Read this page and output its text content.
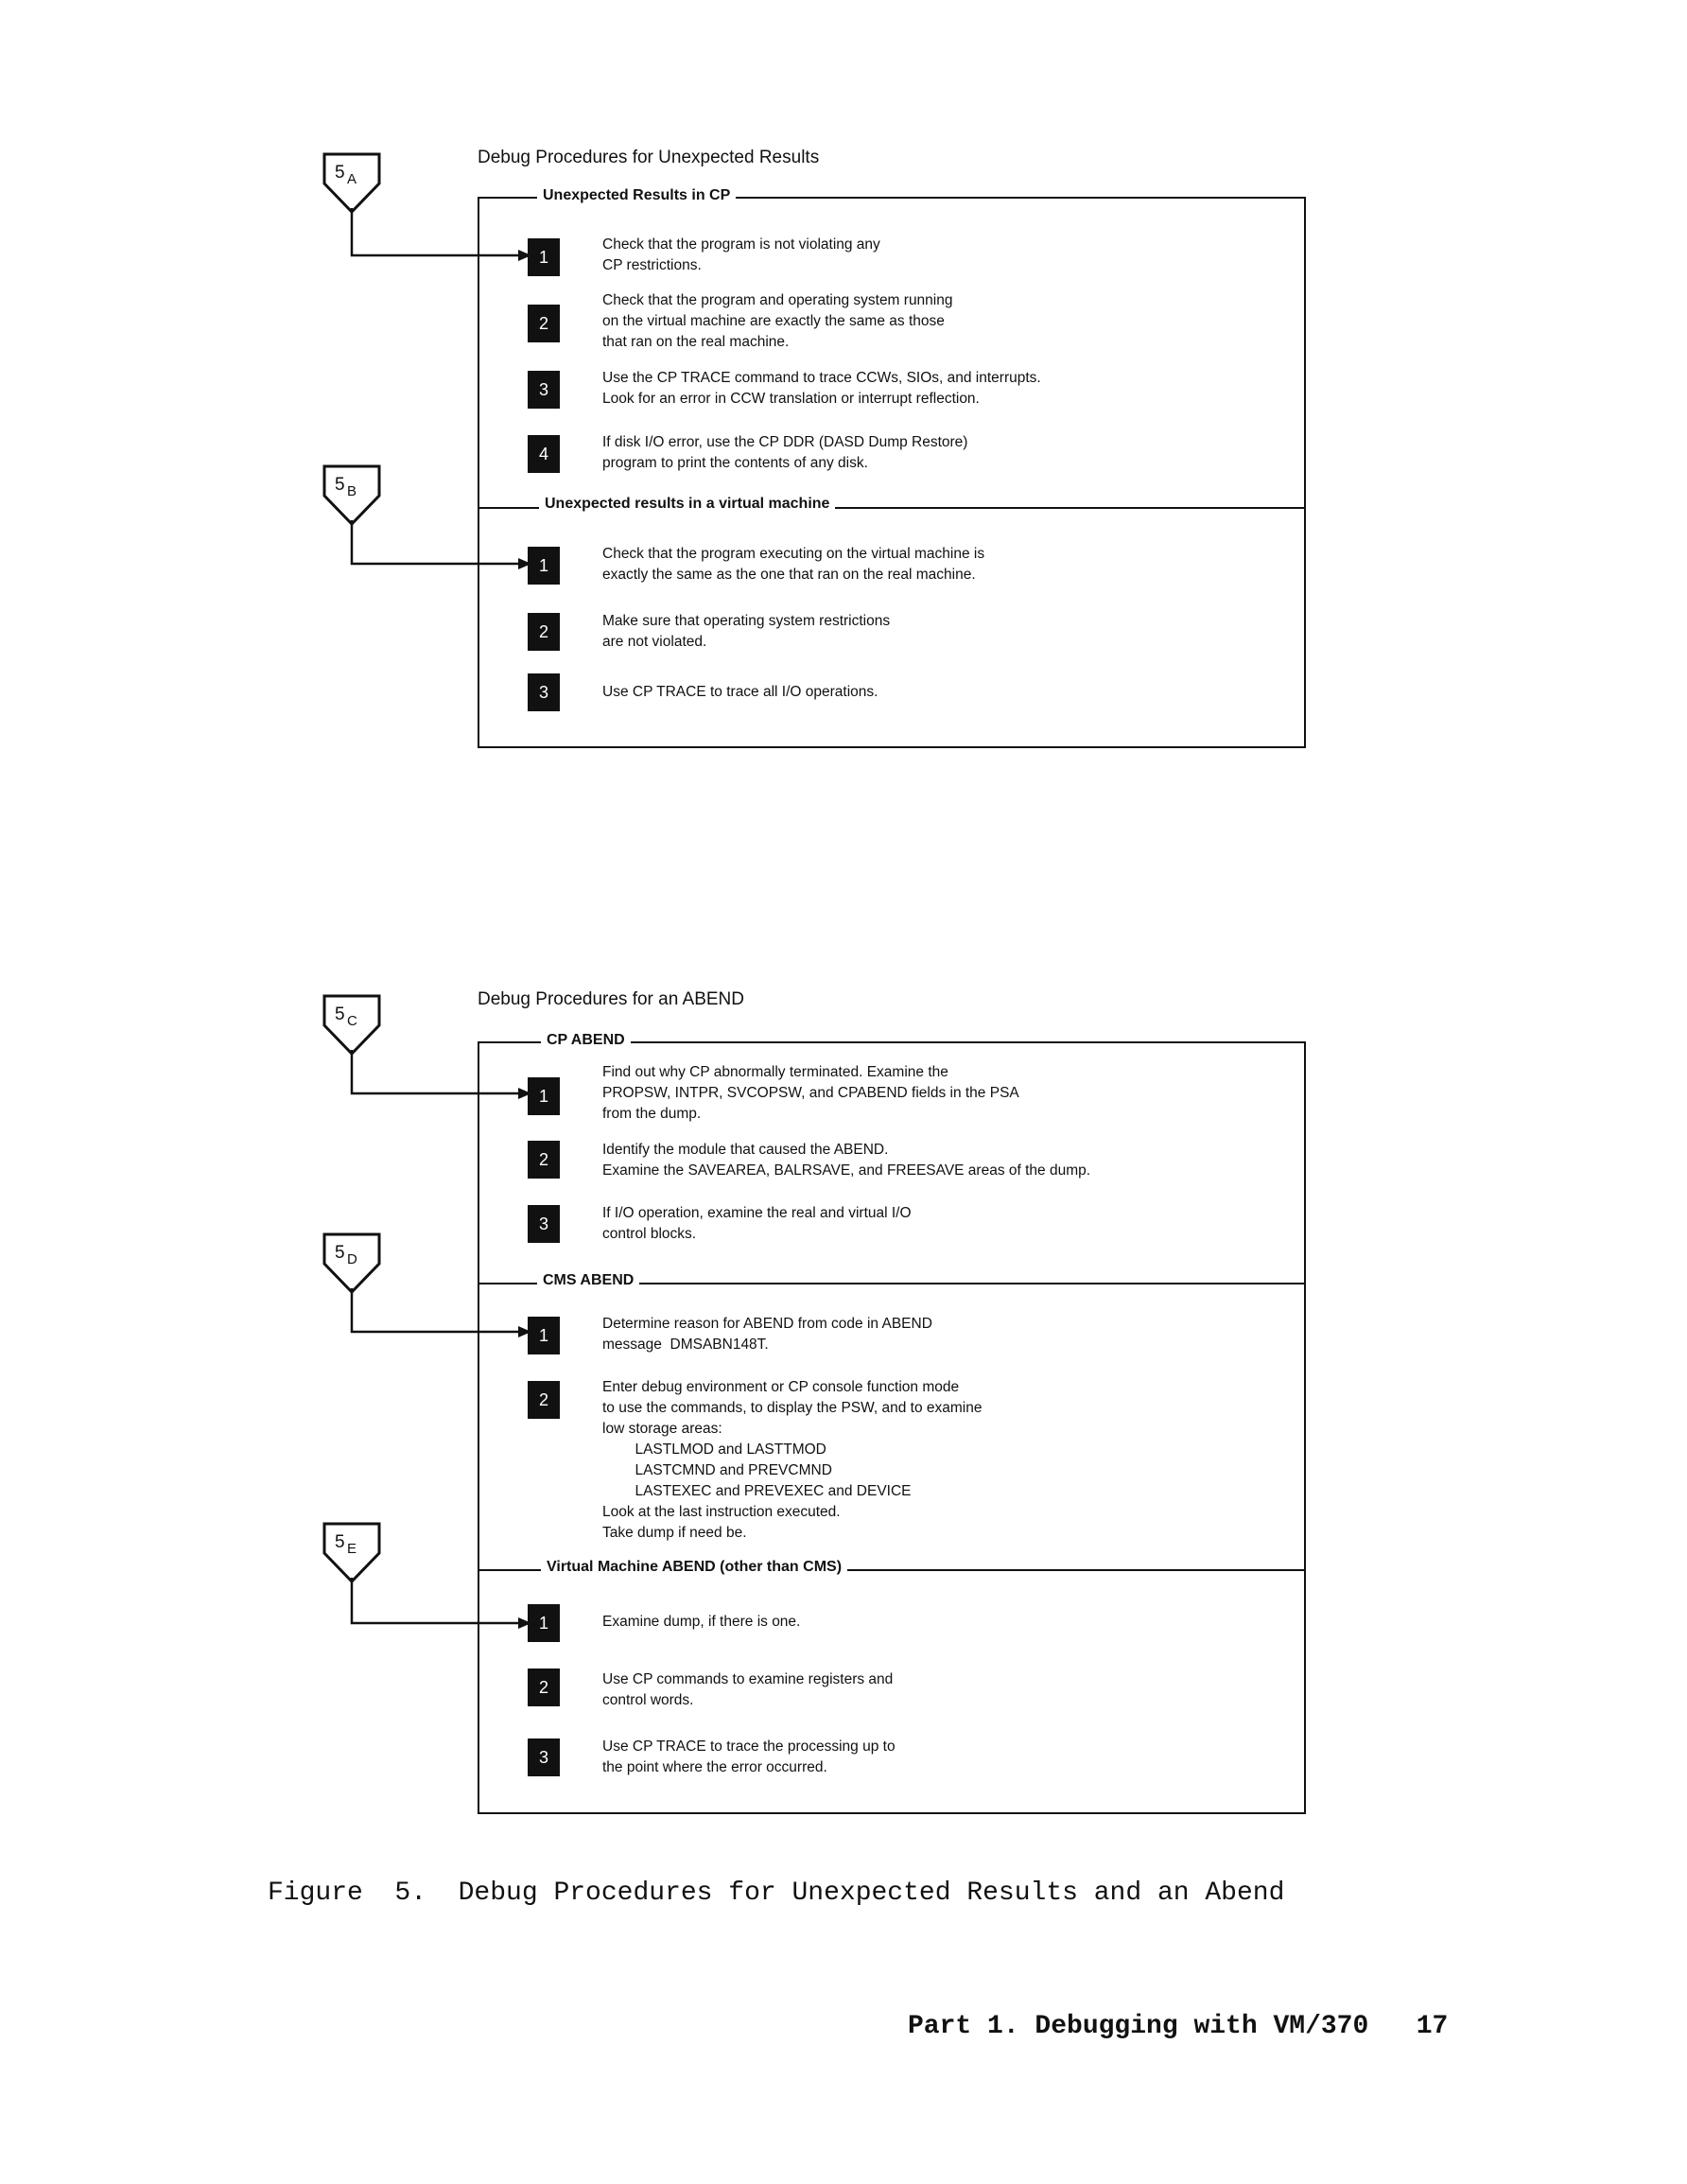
Debug Procedures for Unexpected Results
Unexpected Results in CP
Unexpected results in a virtual machine
5 A
5 B
1
Check that the program is not violating any
CP restrictions.
2
Check that the program and operating system running
on the virtual machine are exactly the same as those
that ran on the real machine.
3
Use the CP TRACE command to trace CCWs, SIOs, and interrupts.
Look for an error in CCW translation or interrupt reflection.
4
If disk I/O error, use the CP DDR (DASD Dump Restore)
program to print the contents of any disk.
1
Check that the program executing on the virtual machine is
exactly the same as the one that ran on the real machine.
2
Make sure that operating system restrictions
are not violated.
3	Use CP TRACE to trace all I/O operations.
Debug Procedures for an ABEND
CP ABEND
CMS ABEND
Virtual Machine ABEND (other than CMS)
5 C
5 D
5 E
1
Find out why CP abnormally terminated. Examine the
PROPSW, INTPR, SVCOPSW, and CPABEND fields in the PSA
from the dump.
2	Identify the module that caused the ABEND.
Examine the SAVEAREA, BALRSAVE, and FREESAVE areas of the dump.
3
If I/O operation, examine the real and virtual I/O
control blocks.
1
Determine reason for ABEND from code in ABEND
message  DMSABN148T.
2
Enter debug environment or CP console function mode
to use the commands, to display the PSW, and to examine
low storage areas:
LASTLMOD and LASTTMOD
LASTCMND and PREVCMND
LASTEXEC and PREVEXEC and DEVICE
Look at the last instruction executed.
Take dump if need be.
1	Examine dump, if there is one.
2	Use CP commands to examine registers and
control words.
3
Use CP TRACE to trace the processing up to
the point where the error occurred.
Figure  5.  Debug Procedures for Unexpected Results and an Abend
Part 1. Debugging with VM/370   17
